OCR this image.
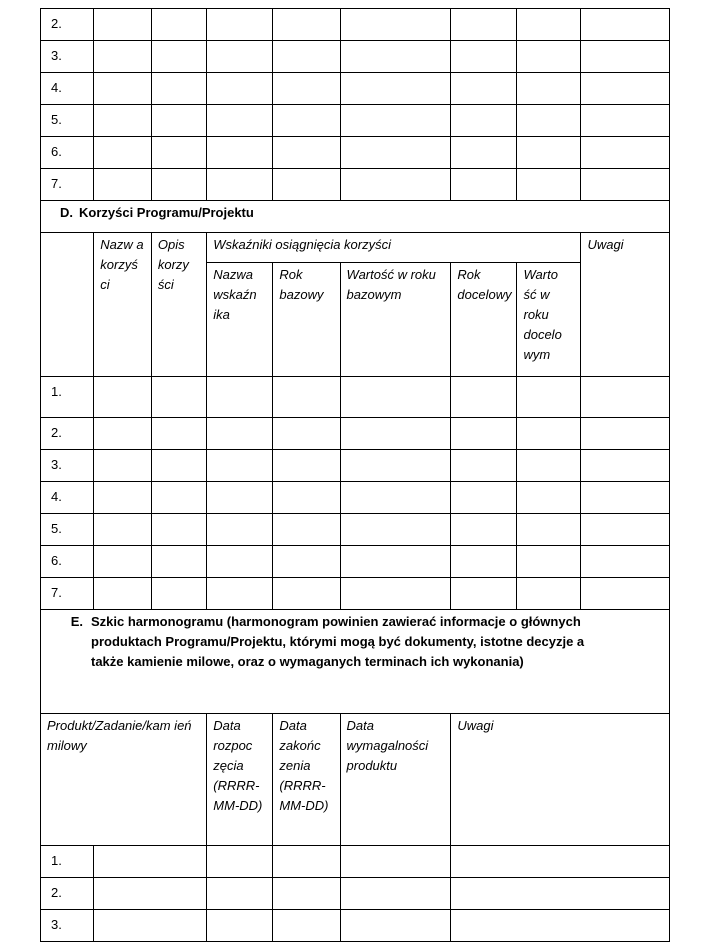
2.								
3.								
4.								
5.								
6.								
7.								
D. Korzyści Programu/Projektu								
	Nazw a korzyś ci	Opis korzy ści	Wskaźniki osiągnięcia korzyści					Uwagi
			Nazwa wskaźn ika	Rok bazowy	Wartość w roku bazowym	Rok docelowy	Warto ść w roku docelo wym	
1.								
2.								
3.								
4.								
5.								
6.								
7.								

E. Szkic harmonogramu (harmonogram powinien zawierać informacje o głównych produktach Programu/Projektu, którymi mogą być dokumenty, istotne decyzje a także kamienie milowe, oraz o wymaganych terminach ich wykonania)								

Produkt/Zadanie/kam ień milowy			Data rozpoc zęcia (RRRR-MM-DD)	Data zakońc zenia (RRRR-MM-DD)	Data wymagalności produktu	Uwagi		
1.								
2.								
3.								
